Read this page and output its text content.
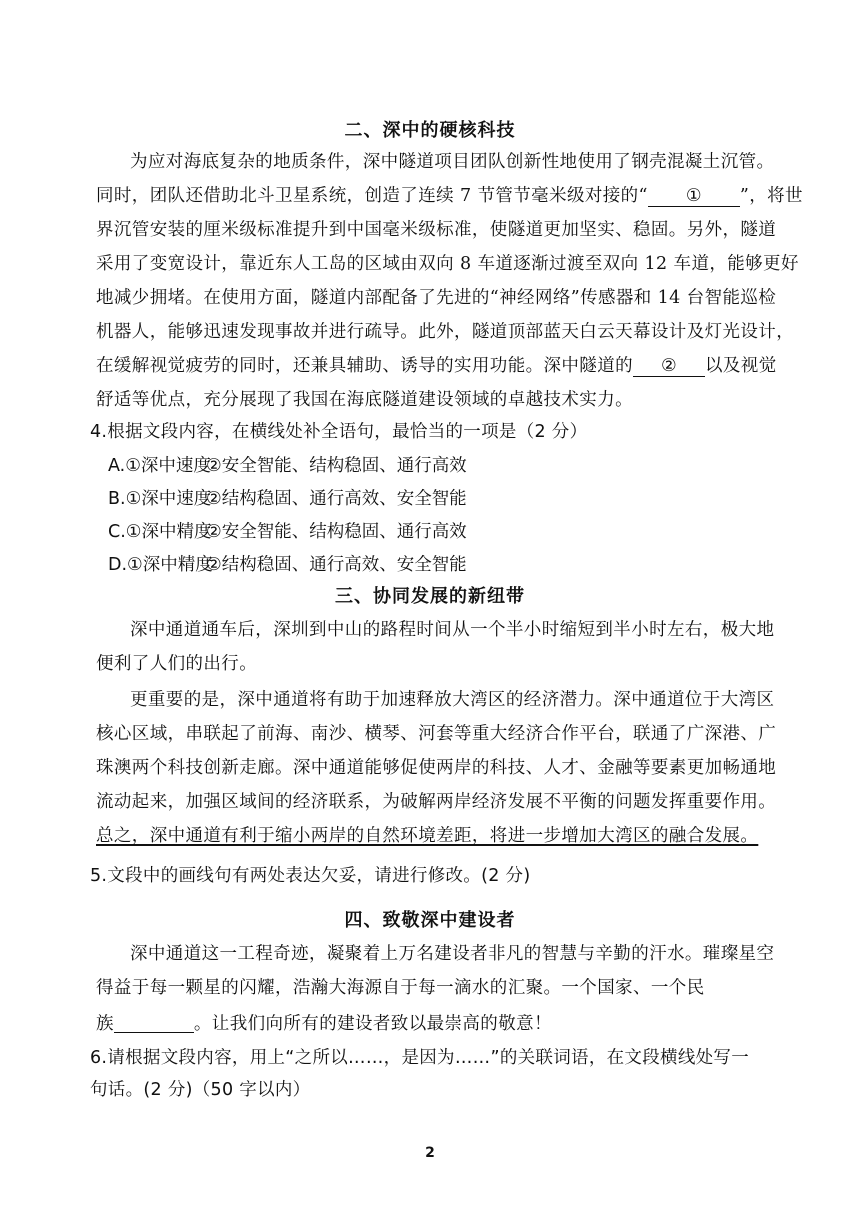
二、深中的硬核科技
为应对海底复杂的地质条件，深中隧道项目团队创新性地使用了钢壳混凝土沉管。
同时，团队还借助北斗卫星系统，创造了连续 7 节管节毫米级对接的“ ① ”，将世
界沉管安装的厘米级标准提升到中国毫米级标准，使隧道更加坚实、稳固。另外，隧道
采用了变宽设计，靠近东人工岛的区域由双向 8 车道逐渐过渡至双向 12 车道，能够更好
地减少拥堵。在使用方面，隧道内部配备了先进的“神经网络”传感器和 14 台智能巡检
机器人，能够迅速发现事故并进行疏导。此外，隧道顶部蓝天白云天幕设计及灯光设计，
在缓解视觉疲劳的同时，还兼具辅助、诱导的实用功能。深中隧道的 ② 以及视觉
舒适等优点，充分展现了我国在海底隧道建设领域的卓越技术实力。
4.根据文段内容，在横线处补全语句，最恰当的一项是（2 分）
A.①深中速度
②安全智能、结构稳固、通行高效
B.①深中速度
②结构稳固、通行高效、安全智能
C.①深中精度
②安全智能、结构稳固、通行高效
D.①深中精度
②结构稳固、通行高效、安全智能
三、协同发展的新纽带
深中通道通车后，深圳到中山的路程时间从一个半小时缩短到半小时左右，极大地
便利了人们的出行。
更重要的是，深中通道将有助于加速释放大湾区的经济潜力。深中通道位于大湾区
核心区域，串联起了前海、南沙、横琴、河套等重大经济合作平台，联通了广深港、广
珠澳两个科技创新走廊。深中通道能够促使两岸的科技、人才、金融等要素更加畅通地
流动起来，加强区域间的经济联系，为破解两岸经济发展不平衡的问题发挥重要作用。
总之，深中通道有利于缩小两岸的自然环境差距，将进一步增加大湾区的融合发展。
5.文段中的画线句有两处表达欠妥，请进行修改。(2 分)
四、致敬深中建设者
深中通道这一工程奇迹，凝聚着上万名建设者非凡的智慧与辛勤的汗水。璀璨星空
得益于每一颗星的闪耀，浩瀚大海源自于每一滴水的汇聚。一个国家、一个民
族	。让我们向所有的建设者致以最崇高的敬意！
6.请根据文段内容，用上“之所以……，是因为……”的关联词语，在文段横线处写一
句话。(2 分)（50 字以内）
2
